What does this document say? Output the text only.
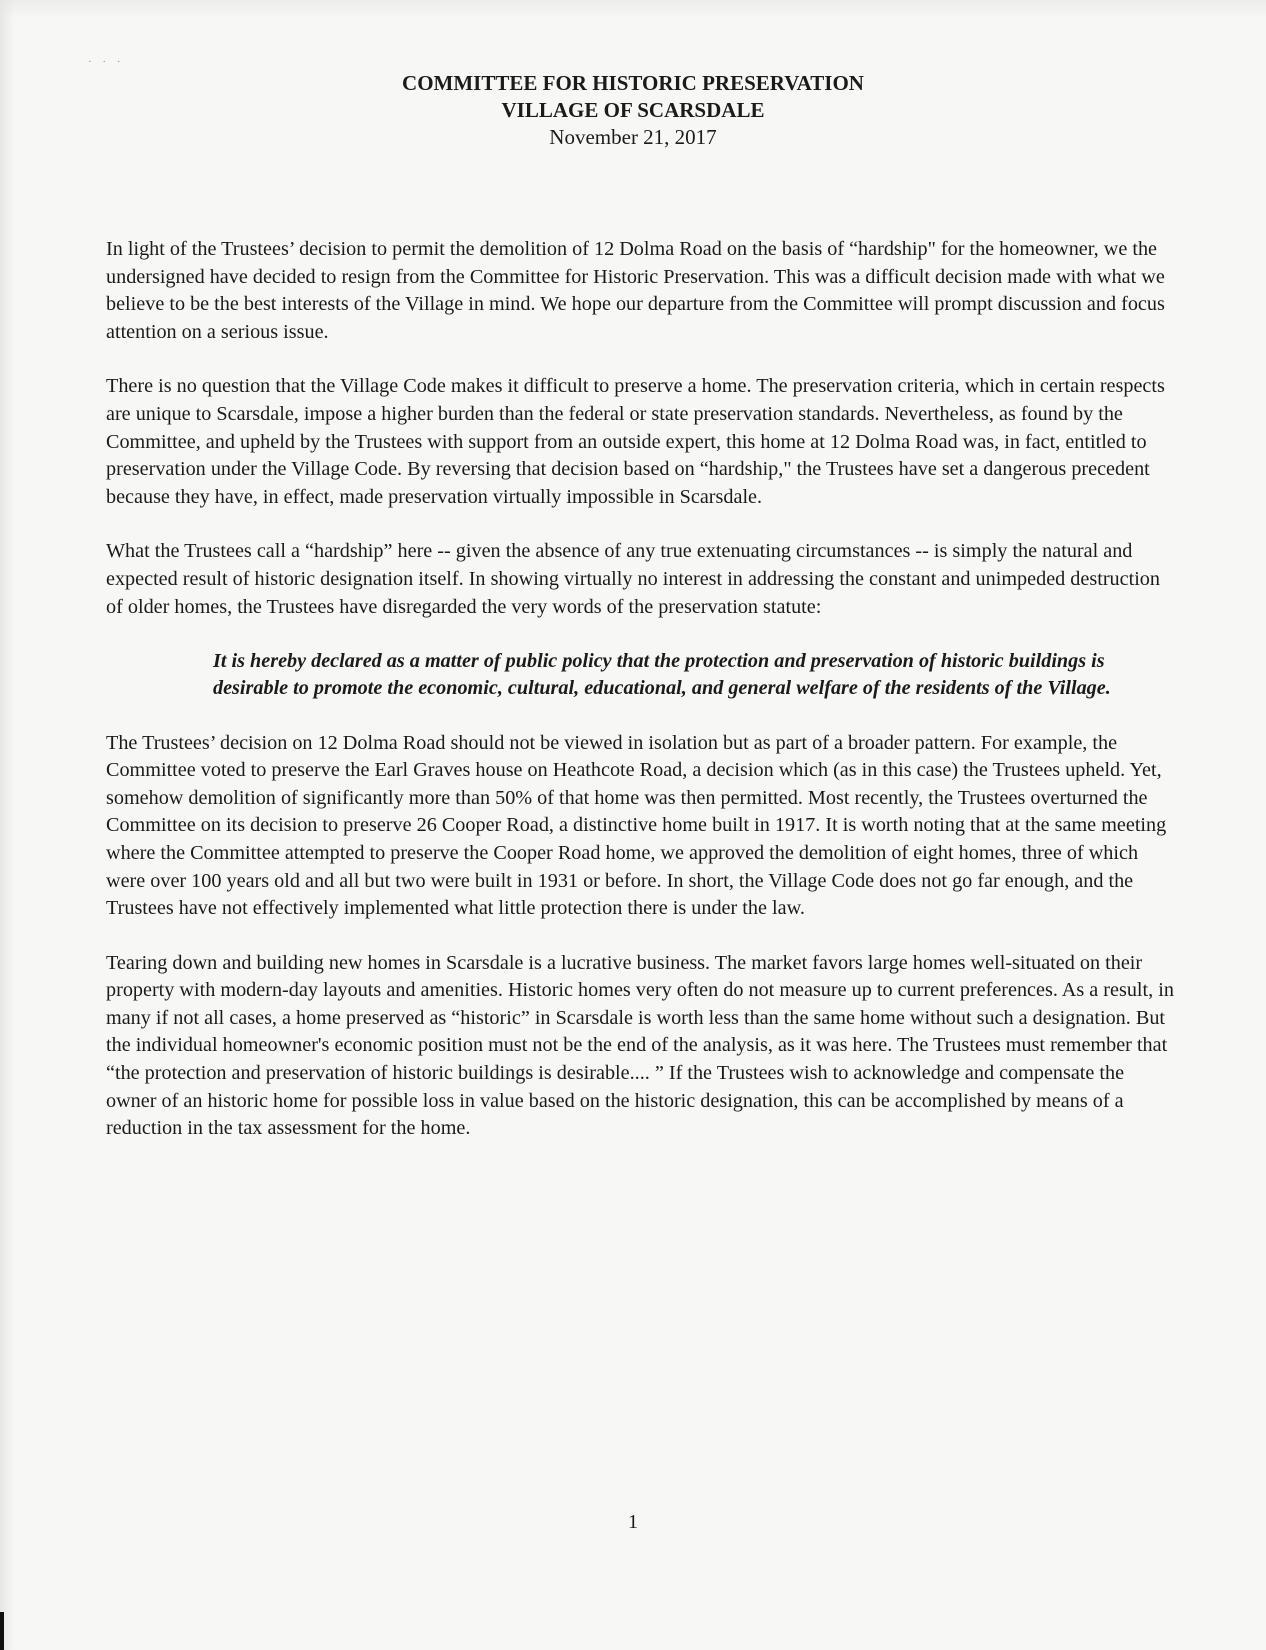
· · ·
COMMITTEE FOR HISTORIC PRESERVATION
VILLAGE OF SCARSDALE
November 21, 2017

In light of the Trustees’ decision to permit the demolition of 12 Dolma Road on the basis of “hardship" for the homeowner, we the undersigned have decided to resign from the Committee for Historic Preservation. This was a difficult decision made with what we believe to be the best interests of the Village in mind. We hope our departure from the Committee will prompt discussion and focus attention on a serious issue.

There is no question that the Village Code makes it difficult to preserve a home. The preservation criteria, which in certain respects are unique to Scarsdale, impose a higher burden than the federal or state preservation standards. Nevertheless, as found by the Committee, and upheld by the Trustees with support from an outside expert, this home at 12 Dolma Road was, in fact, entitled to preservation under the Village Code. By reversing that decision based on “hardship," the Trustees have set a dangerous precedent because they have, in effect, made preservation virtually impossible in Scarsdale.

What the Trustees call a “hardship” here -- given the absence of any true extenuating circumstances -- is simply the natural and expected result of historic designation itself. In showing virtually no interest in addressing the constant and unimpeded destruction of older homes, the Trustees have disregarded the very words of the preservation statute:

It is hereby declared as a matter of public policy that the protection and preservation of historic buildings is desirable to promote the economic, cultural, educational, and general welfare of the residents of the Village.

The Trustees’ decision on 12 Dolma Road should not be viewed in isolation but as part of a broader pattern. For example, the Committee voted to preserve the Earl Graves house on Heathcote Road, a decision which (as in this case) the Trustees upheld. Yet, somehow demolition of significantly more than 50% of that home was then permitted. Most recently, the Trustees overturned the Committee on its decision to preserve 26 Cooper Road, a distinctive home built in 1917. It is worth noting that at the same meeting where the Committee attempted to preserve the Cooper Road home, we approved the demolition of eight homes, three of which were over 100 years old and all but two were built in 1931 or before. In short, the Village Code does not go far enough, and the Trustees have not effectively implemented what little protection there is under the law.

Tearing down and building new homes in Scarsdale is a lucrative business. The market favors large homes well-situated on their property with modern-day layouts and amenities. Historic homes very often do not measure up to current preferences. As a result, in many if not all cases, a home preserved as “historic” in Scarsdale is worth less than the same home without such a designation. But the individual homeowner's economic position must not be the end of the analysis, as it was here. The Trustees must remember that “the protection and preservation of historic buildings is desirable.... ” If the Trustees wish to acknowledge and compensate the owner of an historic home for possible loss in value based on the historic designation, this can be accomplished by means of a reduction in the tax assessment for the home.

1
